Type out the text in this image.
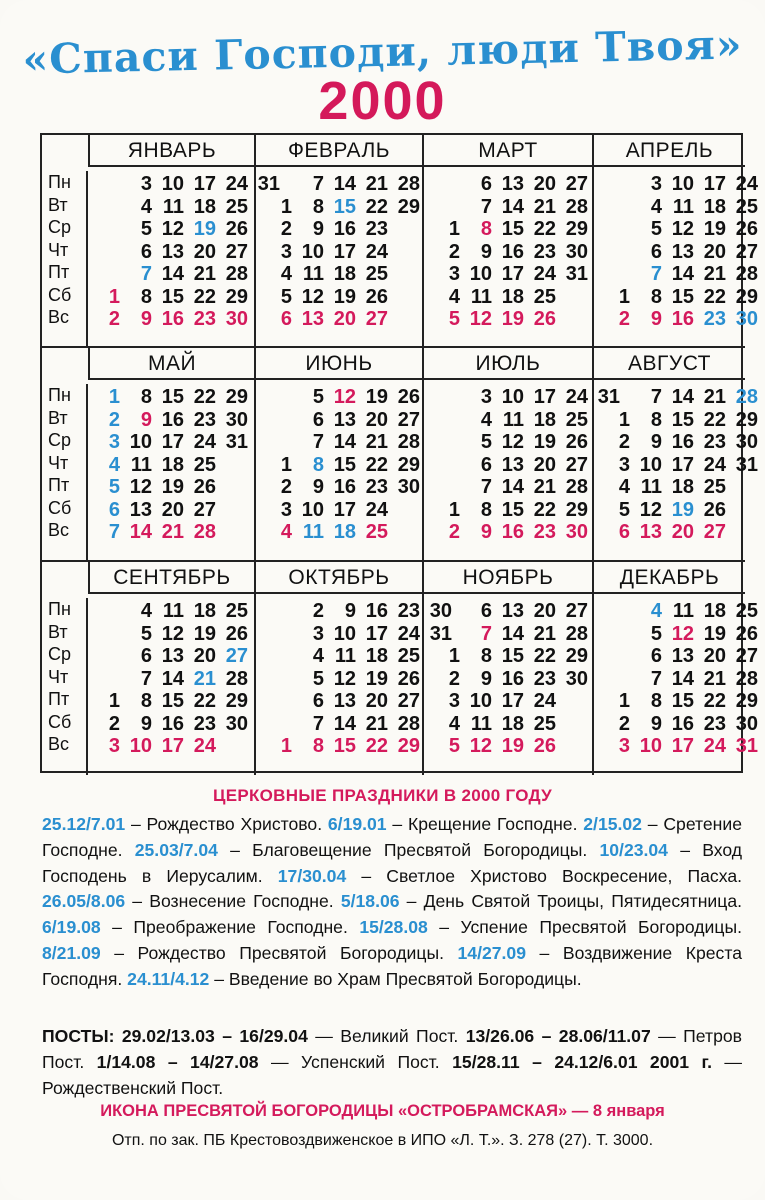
«Спаси Господи, люди Твоя»
2000
ЯНВАРЬ
Пн
Вт
Ср
Чт
Пт
Сб
Вс
1
2
3
4
5
6
7
8
9
10
11
12
13
14
15
16
17
18
19
20
21
22
23
24
25
26
27
28
29
30
31
ФЕВРАЛЬ
1
2
3
4
5
6
7
8
9
10
11
12
13
14
15
16
17
18
19
20
21
22
23
24
25
26
27
28
29
МАРТ
1
2
3
4
5
6
7
8
9
10
11
12
13
14
15
16
17
18
19
20
21
22
23
24
25
26
27
28
29
30
31
АПРЕЛЬ
1
2
3
4
5
6
7
8
9
10
11
12
13
14
15
16
17
18
19
20
21
22
23
24
25
26
27
28
29
30
МАЙ
Пн
Вт
Ср
Чт
Пт
Сб
Вс
1
2
3
4
5
6
7
8
9
10
11
12
13
14
15
16
17
18
19
20
21
22
23
24
25
26
27
28
29
30
31
ИЮНЬ
1
2
3
4
5
6
7
8
9
10
11
12
13
14
15
16
17
18
19
20
21
22
23
24
25
26
27
28
29
30
ИЮЛЬ
1
2
3
4
5
6
7
8
9
10
11
12
13
14
15
16
17
18
19
20
21
22
23
24
25
26
27
28
29
30
31
АВГУСТ
1
2
3
4
5
6
7
8
9
10
11
12
13
14
15
16
17
18
19
20
21
22
23
24
25
26
27
28
29
30
31
СЕНТЯБРЬ
Пн
Вт
Ср
Чт
Пт
Сб
Вс
1
2
3
4
5
6
7
8
9
10
11
12
13
14
15
16
17
18
19
20
21
22
23
24
25
26
27
28
29
30
ОКТЯБРЬ
1
2
3
4
5
6
7
8
9
10
11
12
13
14
15
16
17
18
19
20
21
22
23
24
25
26
27
28
29
30
31
НОЯБРЬ
1
2
3
4
5
6
7
8
9
10
11
12
13
14
15
16
17
18
19
20
21
22
23
24
25
26
27
28
29
30
ДЕКАБРЬ
1
2
3
4
5
6
7
8
9
10
11
12
13
14
15
16
17
18
19
20
21
22
23
24
25
26
27
28
29
30
31
ЦЕРКОВНЫЕ ПРАЗДНИКИ В 2000 ГОДУ
25.12/7.01 – Рождество Христово. 6/19.01 – Крещение Господне. 2/15.02 – Сретение Господне. 25.03/7.04 – Благовещение Пресвятой Богородицы. 10/23.04 – Вход Господень в Иерусалим. 17/30.04 – Светлое Христово Воскресение, Пасха. 26.05/8.06 – Вознесение Господне. 5/18.06 – День Святой Троицы, Пятидесятница. 6/19.08 – Преображение Господне. 15/28.08 – Успение Пресвятой Богородицы. 8/21.09 – Рождество Пресвятой Богородицы. 14/27.09 – Воздвижение Креста Господня. 24.11/4.12 – Введение во Храм Пресвятой Богородицы.
ПОСТЫ: 29.02/13.03 – 16/29.04 — Великий Пост. 13/26.06 – 28.06/11.07 — Петров Пост. 1/14.08 – 14/27.08 — Успенский Пост. 15/28.11 – 24.12/6.01 2001 г. — Рождественский Пост.
ИКОНА ПРЕСВЯТОЙ БОГОРОДИЦЫ «ОСТРОБРАМСКАЯ» — 8 января
Отп. по зак. ПБ Крестовоздвиженское в ИПО «Л. Т.». З. 278 (27). Т. 3000.
